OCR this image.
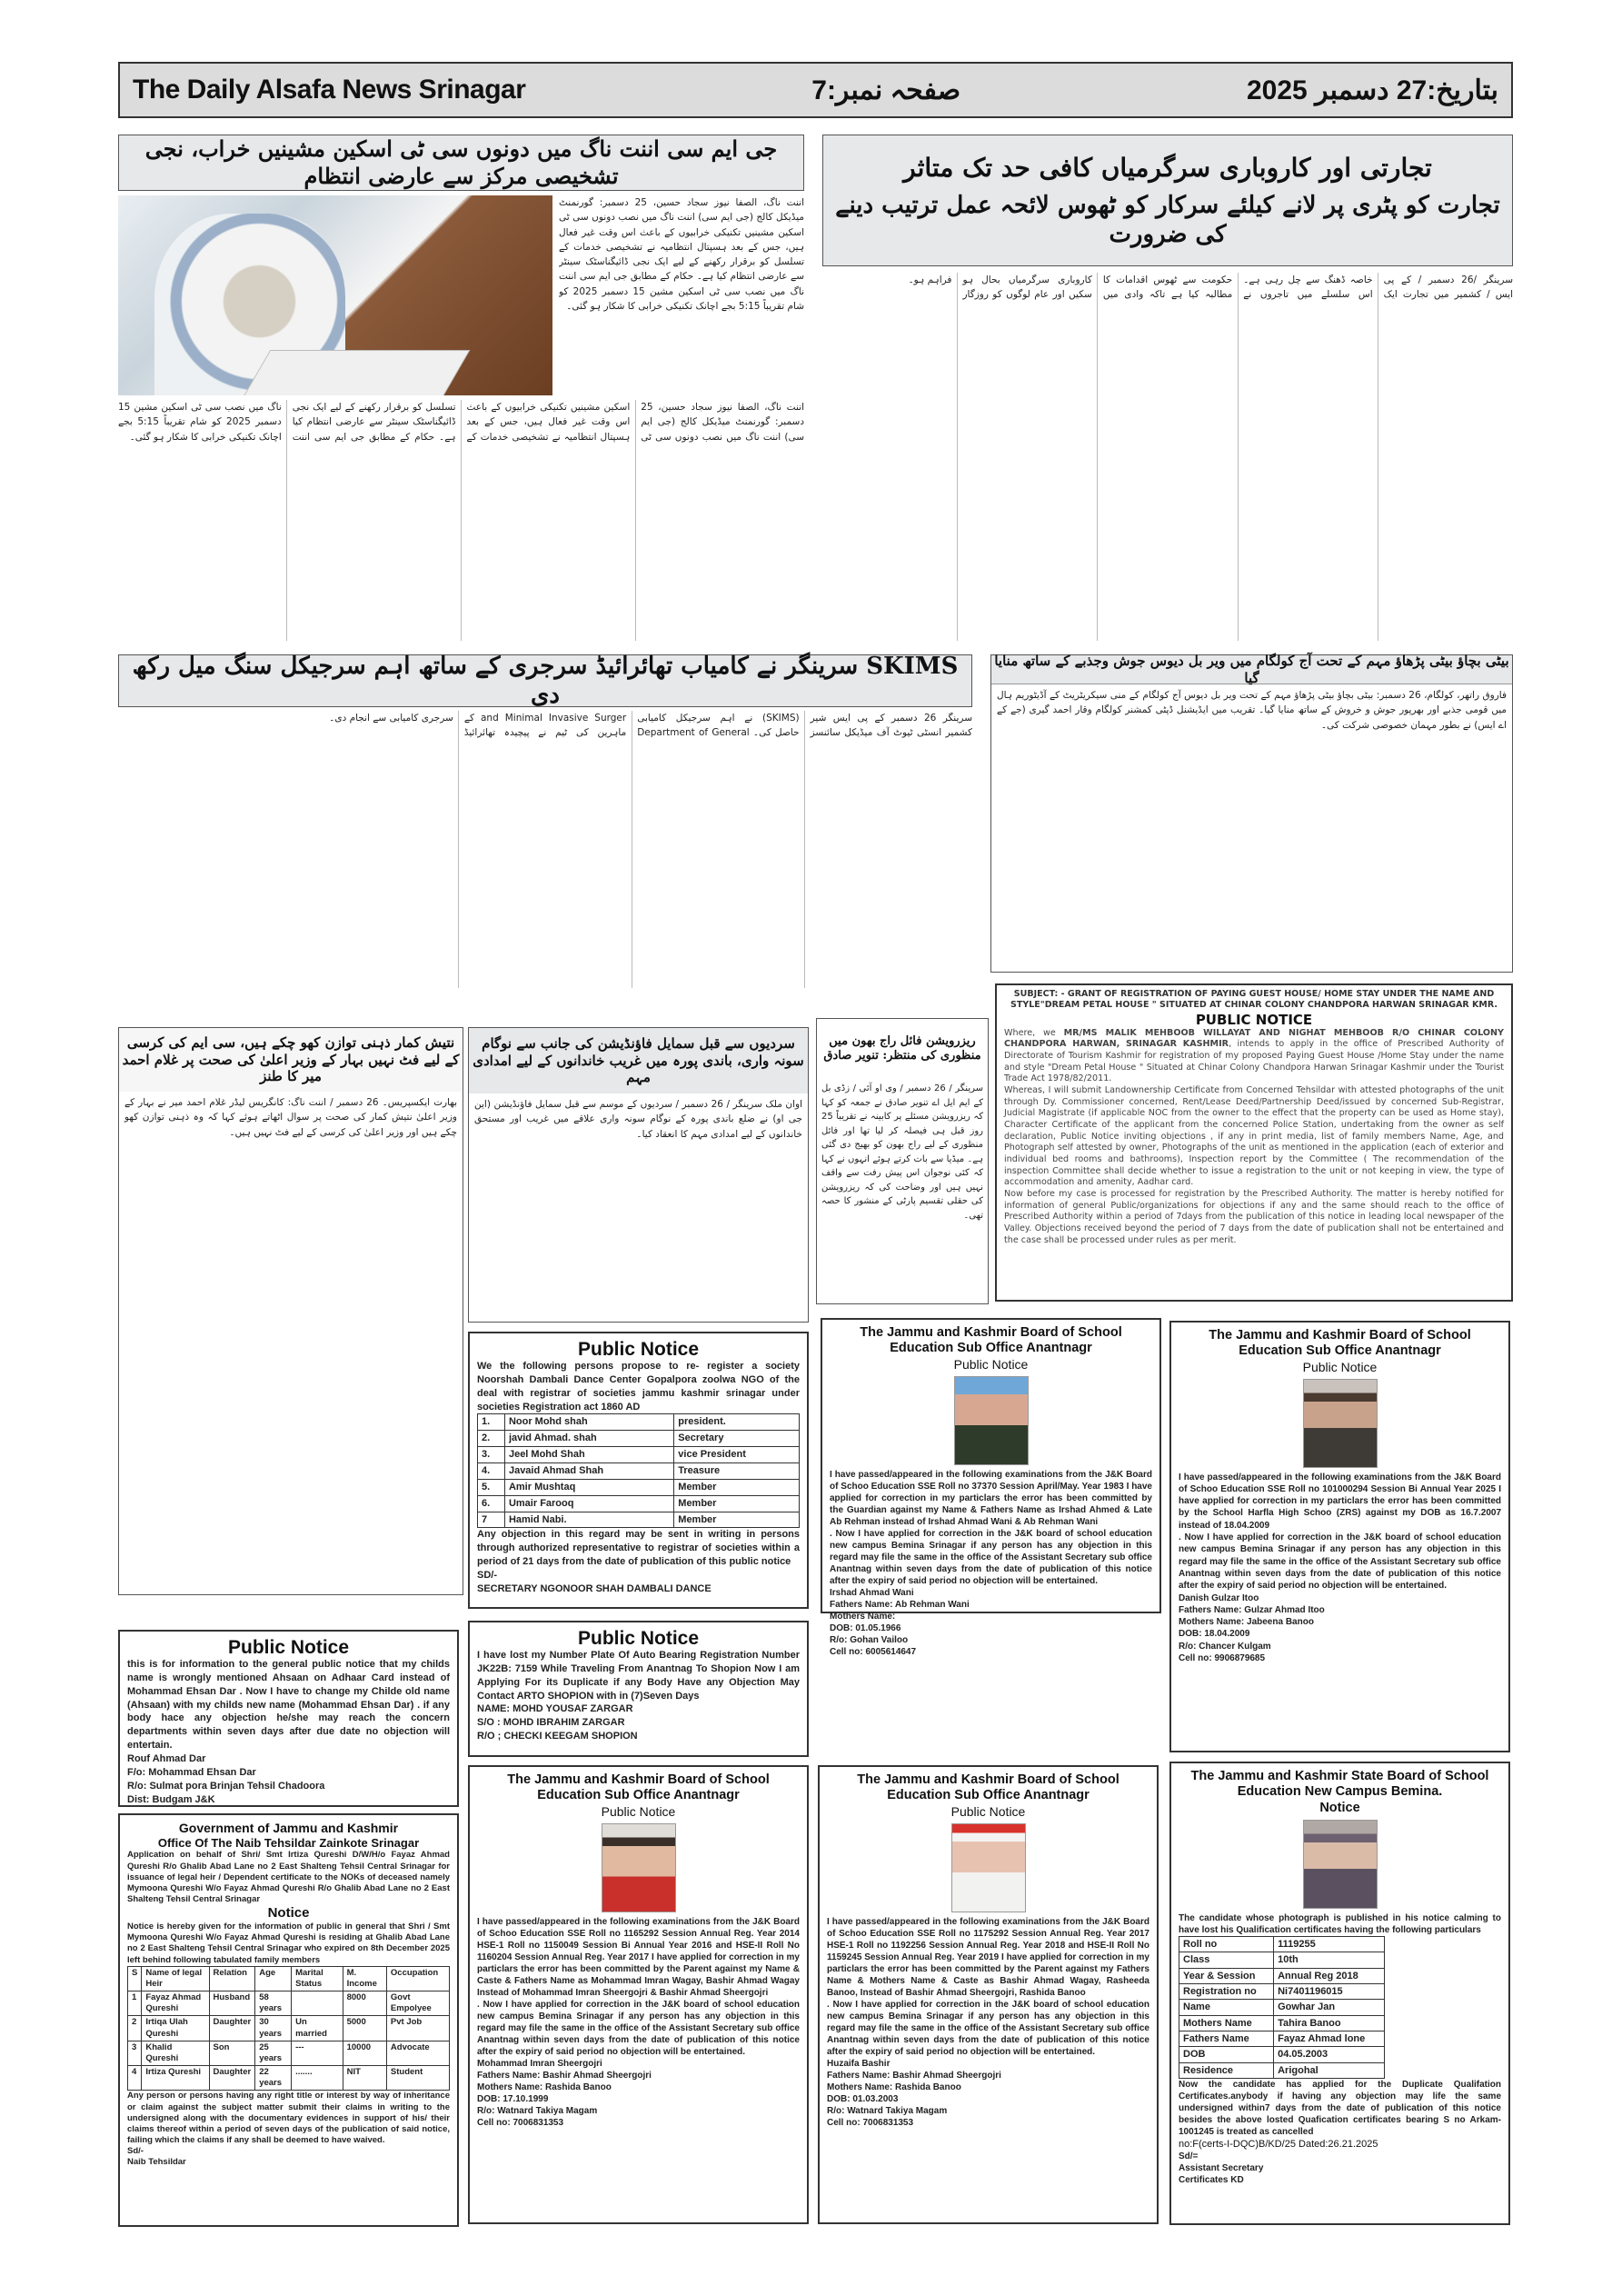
The Daily Alsafa News Srinagar	صفحہ نمبر:7	بتاریخ:27 دسمبر 2025
جی ایم سی اننت ناگ میں دونوں سی ٹی اسکین مشینیں خراب، نجی تشخیصی مرکز سے عارضی انتظام
اننت ناگ، الصفا نیوز سجاد حسین، 25 دسمبر: گورنمنٹ میڈیکل کالج (جی ایم سی) اننت ناگ میں نصب دونوں سی ٹی اسکین مشینیں تکنیکی خرابیوں کے باعث اس وقت غیر فعال ہیں، جس کے بعد ہسپتال انتظامیہ نے تشخیصی خدمات کے تسلسل کو برقرار رکھنے کے لیے ایک نجی ڈائیگناسٹک سینٹر سے عارضی انتظام کیا ہے۔ حکام کے مطابق جی ایم سی اننت ناگ میں نصب سی ٹی اسکین مشین 15 دسمبر 2025 کو شام تقریباً 5:15 بجے اچانک تکنیکی خرابی کا شکار ہو گئی۔
اننت ناگ، الصفا نیوز سجاد حسین، 25 دسمبر: گورنمنٹ میڈیکل کالج (جی ایم سی) اننت ناگ میں نصب دونوں سی ٹی اسکین مشینیں تکنیکی خرابیوں کے باعث اس وقت غیر فعال ہیں، جس کے بعد ہسپتال انتظامیہ نے تشخیصی خدمات کے تسلسل کو برقرار رکھنے کے لیے ایک نجی ڈائیگناسٹک سینٹر سے عارضی انتظام کیا ہے۔ حکام کے مطابق جی ایم سی اننت ناگ میں نصب سی ٹی اسکین مشین 15 دسمبر 2025 کو شام تقریباً 5:15 بجے اچانک تکنیکی خرابی کا شکار ہو گئی۔
تجارتی اور کاروباری سرگرمیاں کافی حد تک متاثر
تجارت کو پٹری پر لانے کیلئے سرکار کو ٹھوس لائحہ عمل ترتیب دینے کی ضرورت
سرینگر /26 دسمبر / کے پی ایس / کشمیر میں تجارت ایک خاصہ ڈھنگ سے چل رہی ہے۔ اس سلسلے میں تاجروں نے حکومت سے ٹھوس اقدامات کا مطالبہ کیا ہے تاکہ وادی میں کاروباری سرگرمیاں بحال ہو سکیں اور عام لوگوں کو روزگار فراہم ہو۔
SKIMS سرینگر نے کامیاب تھائرائیڈ سرجری کے ساتھ اہم سرجیکل سنگ میل رکھ دی
سرینگر 26 دسمبر کے پی ایس شیر کشمیر انسٹی ٹیوٹ آف میڈیکل سائنسز (SKIMS) نے اہم سرجیکل کامیابی حاصل کی۔ Department of General and Minimal Invasive Surger کے ماہرین کی ٹیم نے پیچیدہ تھائرائیڈ سرجری کامیابی سے انجام دی۔
بیٹی بچاؤ بیٹی پڑھاؤ مہم کے تحت آج کولگام میں ویر بل دیوس جوش وجذبے کے ساتھ منایا گیا
فاروق راتھر، کولگام، 26 دسمبر: بیٹی بچاؤ بیٹی پڑھاؤ مہم کے تحت ویر بل دیوس آج کولگام کے منی سیکریٹریٹ کے آڈیٹوریم ہال میں قومی جذبے اور بھرپور جوش و خروش کے ساتھ منایا گیا۔ تقریب میں ایڈیشنل ڈپٹی کمشنر کولگام وقار احمد گیری (جے کے اے ایس) نے بطور مہمان خصوصی شرکت کی۔
نتیش کمار ذہنی توازن کھو چکے ہیں، سی ایم کی کرسی کے لیے فٹ نہیں بہار کے وزیر اعلیٰ کی صحت پر غلام احمد میر کا طنز
بھارت ایکسپریس۔ 26 دسمبر / اننت ناگ: کانگریس لیڈر غلام احمد میر نے بہار کے وزیر اعلیٰ نتیش کمار کی صحت پر سوال اٹھاتے ہوئے کہا کہ وہ ذہنی توازن کھو چکے ہیں اور وزیر اعلیٰ کی کرسی کے لیے فٹ نہیں ہیں۔
سردیوں سے قبل سمایل فاؤنڈیشن کی جانب سے نوگام سونہ واری، باندی پورہ میں غریب خاندانوں کے لیے امدادی مہم
اوان ملک سرینگر / 26 دسمبر / سردیوں کے موسم سے قبل سمایل فاؤنڈیشن (این جی او) نے ضلع باندی پورہ کے نوگام سونہ واری علاقے میں غریب اور مستحق خاندانوں کے لیے امدادی مہم کا انعقاد کیا۔
ریزرویشن فائل راج بھون میں منظوری کی منتظر: تنویر صادق
سرینگر / 26 دسمبر / وی او آئی / زڈی بل کے ایم ایل اے تنویر صادق نے جمعہ کو کہا کہ ریزرویشن مسئلے پر کابینہ نے تقریباً 25 روز قبل ہی فیصلہ کر لیا تھا اور فائل منظوری کے لیے راج بھون کو بھیج دی گئی ہے۔ میڈیا سے بات کرتے ہوئے انہوں نے کہا کہ کئی نوجوان اس پیش رفت سے واقف نہیں ہیں اور وضاحت کی کہ ریزرویشن کی حقلی تقسیم پارٹی کے منشور کا حصہ تھی۔
SUBJECT: - GRANT OF REGISTRATION OF PAYING GUEST HOUSE/ HOME STAY UNDER THE NAME AND STYLE"DREAM PETAL HOUSE " SITUATED AT CHINAR COLONY CHANDPORA HARWAN SRINAGAR KMR.
PUBLIC NOTICE
Where, we MR/MS MALIK MEHBOOB WILLAYAT AND NIGHAT MEHBOOB R/O CHINAR COLONY CHANDPORA HARWAN, SRINAGAR KASHMIR, intends to apply in the office of Prescribed Authority of Directorate of Tourism Kashmir for registration of my proposed Paying Guest House /Home Stay under the name and style "Dream Petal House " Situated at Chinar Colony Chandpora Harwan Srinagar Kashmir under the Tourist Trade Act 1978/82/2011.
Whereas, I will submit Landownership Certificate from Concerned Tehsildar with attested photographs of the unit through Dy. Commissioner concerned, Rent/Lease Deed/Partnership Deed/issued by concerned Sub-Registrar, Judicial Magistrate (if applicable NOC from the owner to the effect that the property can be used as Home stay), Character Certificate of the applicant from the concerned Police Station, undertaking from the owner as self declaration, Public Notice inviting objections , if any in print media, list of family members Name, Age, and Photograph self attested by owner, Photographs of the unit as mentioned in the application (each of exterior and individual bed rooms and bathrooms), Inspection report by the Committee ( The recommendation of the inspection Committee shall decide whether to issue a registration to the unit or not keeping in view, the type of accommodation and amenity, Aadhar card.
Now before my case is processed for registration by the Prescribed Authority. The matter is hereby notified for information of general Public/organizations for objections if any and the same should reach to the office of Prescribed Authority within a period of 7days from the publication of this notice in leading local newspaper of the Valley. Objections received beyond the period of 7 days from the date of publication shall not be entertained and the case shall be processed under rules as per merit.
Public Notice

We the following persons propose to re- register a society Noorshah Dambali Dance Center Gopalpora zoolwa NGO of the deal with registrar of societies jammu kashmir srinagar under societies Registration act 1860 AD

1.	Noor Mohd shah	president.
2.	javid Ahmad. shah	Secretary
3.	Jeel Mohd Shah	vice President
4.	Javaid Ahmad Shah	Treasure
5.	Amir Mushtaq	Member
6.	Umair Farooq	Member
7	Hamid Nabi.	Member

Any objection in this regard may be sent in writing in persons through authorized representative to registrar of societies within a period of 21 days from the date of publication of this public notice

SD/-
SECRETARY NGONOOR SHAH DAMBALI DANCE
Public Notice

this is for information to the general public notice that my childs name is wrongly mentioned Ahsaan on Adhaar Card instead of Mohammad Ehsan Dar . Now I have to change my Childe old name (Ahsaan) with my childs new name (Mohammad Ehsan Dar) . if any body hace any objection he/she may reach the concern departments within seven days after due date no objection will entertain.

Rouf Ahmad Dar
F/o: Mohammad Ehsan Dar
R/o: Sulmat pora Brinjan Tehsil Chadoora
Dist: Budgam J&K
Public Notice

I have lost my Number Plate Of Auto Bearing Registration Number JK22B: 7159 While Traveling From Anantnag To Shopion Now I am Applying For its Duplicate if any Body Have any Objection May Contact ARTO SHOPION with in (7)Seven Days

NAME: MOHD YOUSAF ZARGAR
S/O : MOHD IBRAHIM ZARGAR
R/O ; CHECKI KEEGAM SHOPION
Government of Jammu and Kashmir
Office Of The Naib Tehsildar Zainkote Srinagar

Application on behalf of Shri/ Smt Irtiza Qureshi D/W/H/o Fayaz Ahmad Qureshi R/o Ghalib Abad Lane no 2 East Shalteng Tehsil Central Srinagar for issuance of legal heir / Dependent certificate to the NOKs of deceased namely Mymoona Qureshi W/o Fayaz Ahmad Qureshi R/o Ghalib Abad Lane no 2 East Shalteng Tehsil Central Srinagar

Notice

Notice is hereby given for the information of public in general that Shri / Smt Mymoona Qureshi W/o Fayaz Ahmad Qureshi is residing at Ghalib Abad Lane no 2 East Shalteng Tehsil Central Srinagar who expired on 8th December 2025 left behind following tabulated family members

S	Name of legal Heir	Relation	Age	Marital Status	M. Income	Occupation
1	Fayaz Ahmad Qureshi	Husband	58 years		8000	Govt Empolyee
2	Irtiqa Ulah Qureshi	Daughter	30 years	Un married	5000	Pvt Job
3	Khalid Qureshi	Son	25 years	---	10000	Advocate
4	Irtiza Qureshi	Daughter	22 years	.......	NIT	Student

Any person or persons having any right title or interest by way of inheritance or claim against the subject matter submit their claims in writing to the undersigned along with the documentary evidences in support of his/ their claims thereof within a period of seven days of the publication of said notice, failing which the claims if any shall be deemed to have waived.

Sd/-
Naib Tehsildar
The Jammu and Kashmir Board of School Education Sub Office Anantnagr
Public Notice

I have passed/appeared in the following examinations from the J&K Board of Schoo Education SSE Roll no 37370 Session April/May. Year 1983 I have applied for correction in my particlars the error has been committed by the Guardian against my Name & Fathers Name as Irshad Ahmed & Late Ab Rehman instead of Irshad Ahmad Wani & Ab Rehman Wani

. Now I have applied for correction in the J&K board of school education new campus Bemina Srinagar if any person has any objection in this regard may file the same in the office of the Assistant Secretary sub office Anantnag within seven days from the date of publication of this notice after the expiry of said period no objection will be entertained.

Irshad Ahmad Wani
Fathers Name: Ab Rehman Wani
Mothers Name:
DOB: 01.05.1966
R/o: Gohan Vailoo
Cell no: 6005614647
The Jammu and Kashmir Board of School Education Sub Office Anantnagr
Public Notice

I have passed/appeared in the following examinations from the J&K Board of Schoo Education SSE Roll no 101000294 Session Bi Annual Year 2025 I have applied for correction in my particlars the error has been committed by the School Harfla High Schoo (ZRS) against my DOB as 16.7.2007 instead of 18.04.2009

. Now I have applied for correction in the J&K board of school education new campus Bemina Srinagar if any person has any objection in this regard may file the same in the office of the Assistant Secretary sub office Anantnag within seven days from the date of publication of this notice after the expiry of said period no objection will be entertained.

Danish Gulzar Itoo
Fathers Name: Gulzar Ahmad Itoo
Mothers Name: Jabeena Banoo
DOB: 18.04.2009
R/o: Chancer Kulgam
Cell no: 9906879685
The Jammu and Kashmir Board of School Education Sub Office Anantnagr
Public Notice

I have passed/appeared in the following examinations from the J&K Board of Schoo Education SSE Roll no 1165292 Session Annual Reg. Year 2014 HSE-1 Roll no 1150049 Session Bi Annual Year 2016 and HSE-II Roll No 1160204 Session Annual Reg. Year 2017 I have applied for correction in my particlars the error has been committed by the Parent against my Name & Caste & Fathers Name as Mohammad Imran Wagay, Bashir Ahmad Wagay Instead of Mohammad Imran Sheergojri & Bashir Ahmad Sheergojri

. Now I have applied for correction in the J&K board of school education new campus Bemina Srinagar if any person has any objection in this regard may file the same in the office of the Assistant Secretary sub office Anantnag within seven days from the date of publication of this notice after the expiry of said period no objection will be entertained.

Mohammad Imran Sheergojri
Fathers Name: Bashir Ahmad Sheergojri
Mothers Name: Rashida Banoo
DOB: 17.10.1999
R/o: Watnard Takiya Magam
Cell no: 7006831353
The Jammu and Kashmir Board of School Education Sub Office Anantnagr
Public Notice

I have passed/appeared in the following examinations from the J&K Board of Schoo Education SSE Roll no 1175292 Session Annual Reg. Year 2017 HSE-1 Roll no 1192256 Session Annual Reg. Year 2018 and HSE-II Roll No 1159245 Session Annual Reg. Year 2019 I have applied for correction in my particlars the error has been committed by the Parent against my Fathers Name & Mothers Name & Caste as Bashir Ahmad Wagay, Rasheeda Banoo, Instead of Bashir Ahmad Sheergojri, Rashida Banoo

. Now I have applied for correction in the J&K board of school education new campus Bemina Srinagar if any person has any objection in this regard may file the same in the office of the Assistant Secretary sub office Anantnag within seven days from the date of publication of this notice after the expiry of said period no objection will be entertained.

Huzaifa Bashir
Fathers Name: Bashir Ahmad Sheergojri
Mothers Name: Rashida Banoo
DOB: 01.03.2003
R/o: Watnard Takiya Magam
Cell no: 7006831353
The Jammu and Kashmir State Board of School Education New Campus Bemina.
Notice

The candidate whose photograph is published in his notice calming to have lost his Qualification certificates having the following particulars

Roll no	1119255
Class	10th
Year & Session	Annual Reg 2018
Registration no	Ni7401196015
Name	Gowhar Jan
Mothers Name	Tahira Banoo
Fathers Name	Fayaz Ahmad lone
DOB	04.05.2003
Residence	Arigohal

Now the candidate has applied for the Duplicate Qualifation Certificates.anybody if having any objection may life the same undersigned within7 days from the date of publication of this notice besides the above losted Quafication certificates bearing S no Arkam-1001245 is treated as cancelled

no:F(certs-I-DQC)B/KD/25 Dated:26.21.2025
Sd/=
Assistant Secretary
Certificates KD
